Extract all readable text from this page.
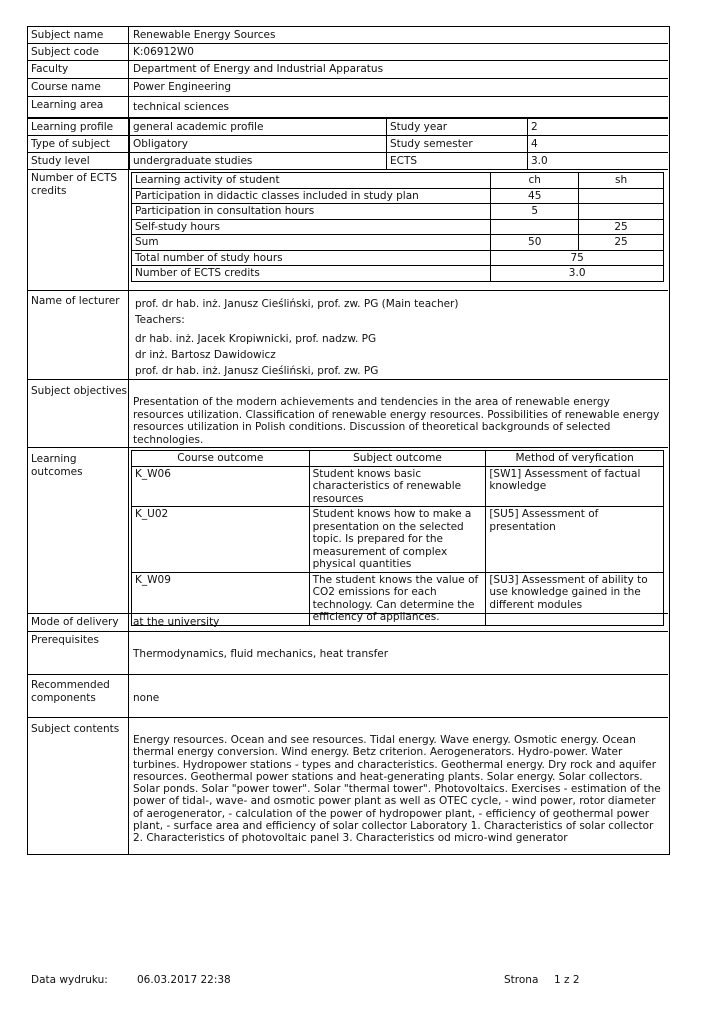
Subject name	Renewable Energy Sources
Subject code	K:06912W0
Faculty	Department of Energy and Industrial Apparatus
Course name	Power Engineering
Learning area	technical sciences
Learning profile	general academic profile	Study year	2
Type of subject	Obligatory	Study semester	4
Study level	undergraduate studies	ECTS	3.0
Number of ECTS credits
Learning activity of student	ch	sh
Participation in didactic classes included in study plan	45	
Participation in consultation hours	5	
Self-study hours		25
Sum	50	25
Total number of study hours	75	
Number of ECTS credits	3.0	
Name of lecturer	prof. dr hab. inż. Janusz Cieśliński, prof. zw. PG (Main teacher)
Teachers:
dr hab. inż. Jacek Kropiwnicki, prof. nadzw. PG
dr inż. Bartosz Dawidowicz
prof. dr hab. inż. Janusz Cieśliński, prof. zw. PG
Subject objectives
Presentation of the modern achievements and tendencies in the area of renewable energy resources utilization. Classification of renewable energy resources. Possibilities of renewable energy resources utilization in Polish conditions. Discussion of theoretical backgrounds of selected technologies.
Learning outcomes
Course outcome	Subject outcome	Method of veryfication
K_W06	Student knows basic characteristics of renewable resources	[SW1] Assessment of factual knowledge
K_U02	Student knows how to make a presentation on the selected topic. Is prepared for the measurement of complex physical quantities	[SU5] Assessment of presentation
K_W09	The student knows the value of CO2 emissions for each technology. Can determine the efficiency of appliances.	[SU3] Assessment of ability to use knowledge gained in the different modules
Mode of delivery	at the university
Prerequisites
Thermodynamics, fluid mechanics, heat transfer
Recommended components	none
Subject contents
Energy resources. Ocean and see resources. Tidal energy. Wave energy. Osmotic energy. Ocean thermal energy conversion. Wind energy. Betz criterion. Aerogenerators. Hydro-power. Water turbines. Hydropower stations - types and characteristics. Geothermal energy. Dry rock and aquifer resources. Geothermal power stations and heat-generating plants. Solar energy. Solar collectors. Solar ponds. Solar "power tower". Solar "thermal tower". Photovoltaics. Exercises - estimation of the power of tidal-, wave- and osmotic power plant as well as OTEC cycle, - wind power, rotor diameter of aerogenerator, - calculation of the power of hydropower plant, - efficiency of geothermal power plant, - surface area and efficiency of solar collector Laboratory 1. Characteristics of solar collector 2. Characteristics of photovoltaic panel 3. Characteristics od micro-wind generator
Data wydruku:	06.03.2017 22:38	Strona 1 z 2
